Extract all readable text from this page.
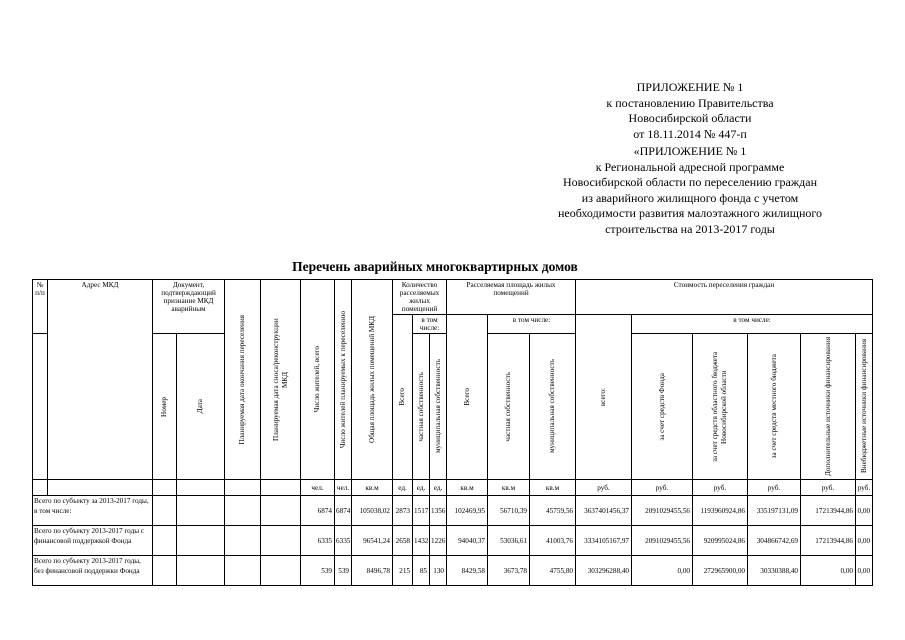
ПРИЛОЖЕНИЕ № 1
к постановлению Правительства
Новосибирской области
от 18.11.2014 № 447-п
«ПРИЛОЖЕНИЕ № 1
к Региональной адресной программе
Новосибирской области по переселению граждан
из аварийного жилищного фонда с учетом
необходимости развития малоэтажного жилищного
строительства на 2013-2017 годы
Перечень аварийных многоквартирных домов
№ п/п	Адрес МКД	Документ, подтверждающий признание МКД аварийным		Планируемая дата окончания переселения	Планируемая дата сноса/реконструкции МКД	Число жителей, всего	Число жителей планируемых к переселению	Общая площадь жилых помещений МКД	Количество расселяемых жилых помещений			Расселяемая площадь жилых помещений			Стоимость переселения граждан					

									Всего	в том числе:		Всего	в том числе:		всего:	в том числе:				

		Номер	Дата							частная собственность	муниципальная собственность		частная собственность	муниципальная собственность		за счет средств Фонда	за счет средств областного бюджета Новосибирской области	за счет средств местного бюджета	Дополнительные источники финансирования	Внебюджетные источники финансирования

						чел.	чел.	кв.м	ед.	ед.	ед.	кв.м	кв.м	кв.м	руб.	руб.	руб.	руб.	руб.	руб.
Всего по субъекту за 2013-2017 годы, в том числе:						6874	6874	105038,02	2873	1517	1356	102469,95	56710,39	45759,56	3637401456,37	2091029455,56	1193960924,86	335197131,09	17213944,86	0,00
Всего по субъекту 2013-2017 годы с финансовой поддержкой Фонда						6335	6335	96541,24	2658	1432	1226	94040,37	53036,61	41003,76	3334105167,97	2091029455,56	920995024,86	304866742,69	17213944,86	0,00
Всего по субъекту 2013-2017 годы, без финансовой поддержки Фонда						539	539	8496,78	215	85	130	8429,58	3673,78	4755,80	303296288,40	0,00	272965900,00	30330388,40	0,00	0,00
